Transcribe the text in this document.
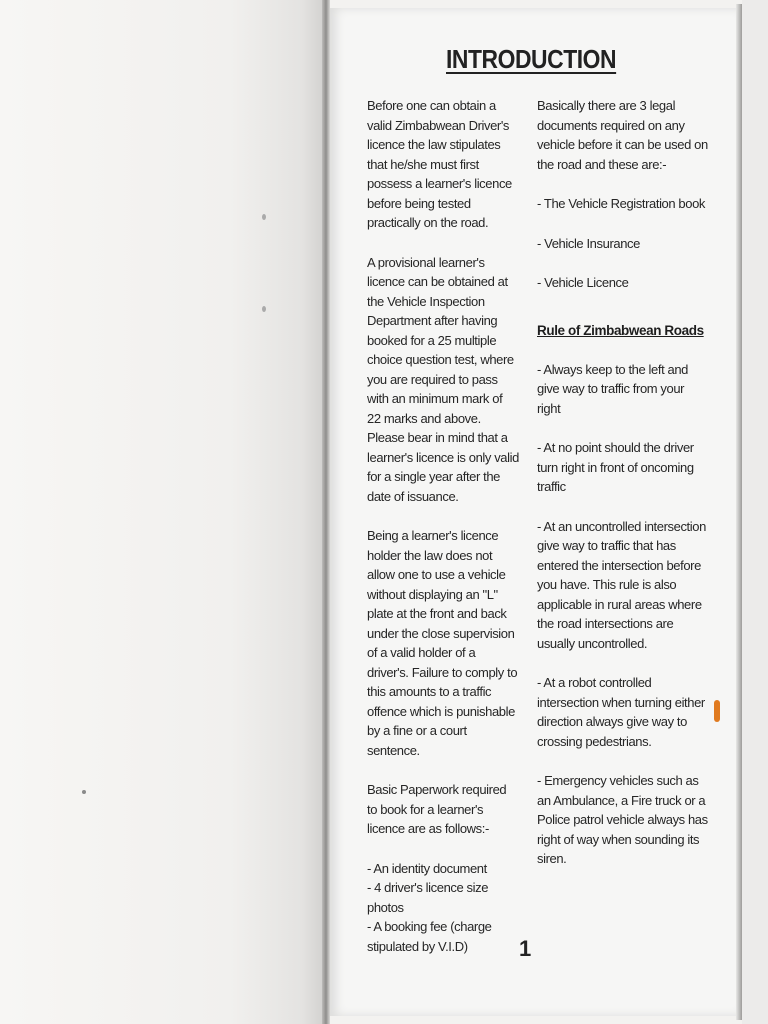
INTRODUCTION

Before one can obtain a valid Zimbabwean Driver's licence the law stipulates that he/she must first possess a learner's licence before being tested practically on the road.

A provisional learner's licence can be obtained at the Vehicle Inspection Department after having booked for a 25 multiple choice question test, where you are required to pass with an minimum mark of 22 marks and above. Please bear in mind that a learner's licence is only valid for a single year after the date of issuance.

Being a learner's licence holder the law does not allow one to use a vehicle without displaying an "L" plate at the front and back under the close supervision of a valid holder of a driver's. Failure to comply to this amounts to a traffic offence which is punishable by a fine or a court sentence.

Basic Paperwork required to book for a learner's licence are as follows:-

- An identity document
- 4 driver's licence size photos
- A booking fee (charge stipulated by V.I.D)

Basically there are 3 legal documents required on any vehicle before it can be used on the road and these are:-

- The Vehicle Registration book

- Vehicle Insurance

- Vehicle Licence

Rule of Zimbabwean Roads

- Always keep to the left and give way to traffic from your right

- At no point should the driver turn right in front of oncoming traffic

- At an uncontrolled intersection give way to traffic that has entered the intersection before you have. This rule is also applicable in rural areas where the road intersections are usually uncontrolled.

- At a robot controlled intersection when turning either direction always give way to crossing pedestrians.

- Emergency vehicles such as an Ambulance, a Fire truck or a Police patrol vehicle always has right of way when sounding its siren.

1
